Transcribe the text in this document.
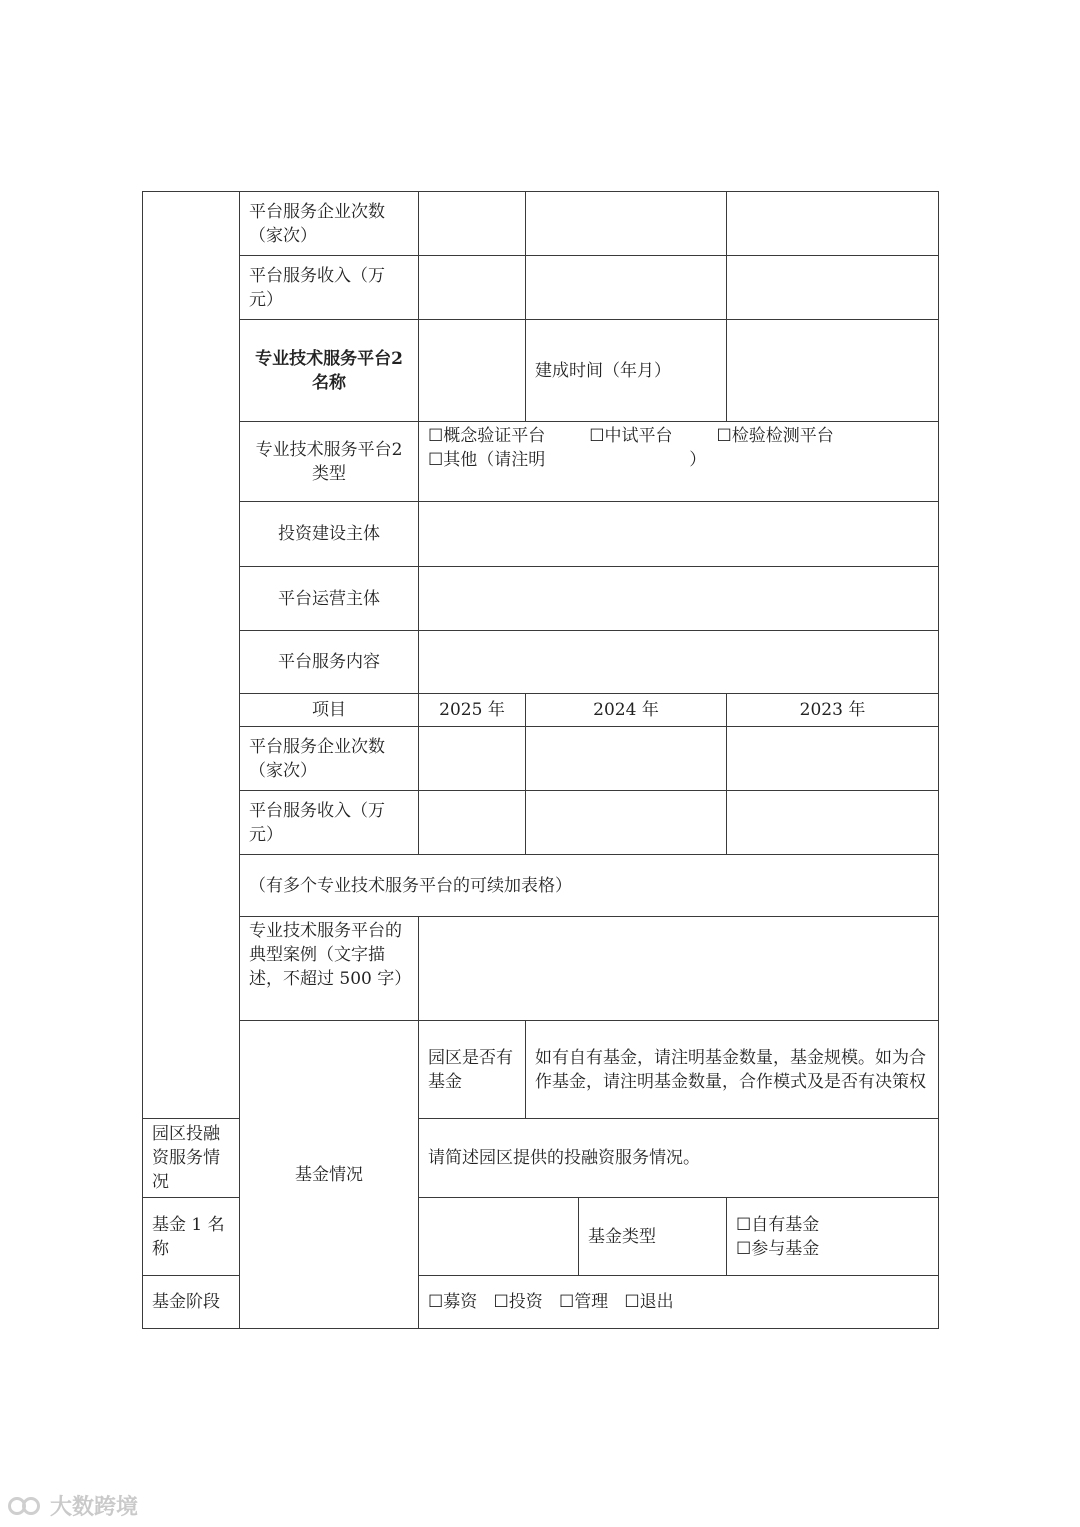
	平台服务企业次数（家次）				
	平台服务收入（万元）				
	专业技术服务平台2名称		建成时间（年月）		
	专业技术服务平台2类型	☐概念验证平台 ☐中试平台 ☐检验检测平台
☐其他（请注明 ）			

	投资建设主体				
	平台运营主体				
	平台服务内容				
	项目	2025 年	2024 年		2023 年
	平台服务企业次数（家次）				
	平台服务收入（万元）				
	（有多个专业技术服务平台的可续加表格）				
	专业技术服务平台的典型案例（文字描述，不超过 500 字）				
	基金情况	园区是否有基金	如有自有基金，请注明基金数量，基金规模。如为合作基金，请注明基金数量，合作模式及是否有决策权		
园区投融资服务情况		请简述园区提供的投融资服务情况。			
基金 1 名称				基金类型	☐自有基金
☐参与基金

基金阶段		☐募资 ☐投资 ☐管理 ☐退出			
大数跨境
